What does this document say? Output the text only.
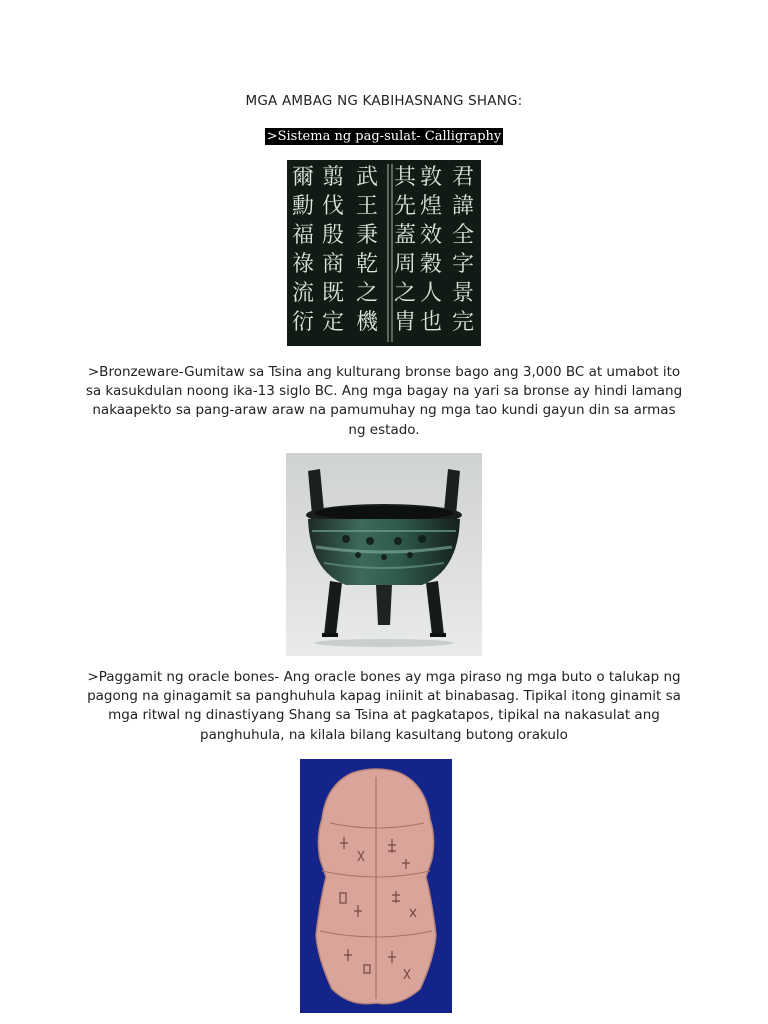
MGA AMBAG NG KABIHASNANG SHANG:
>Sistema ng pag-sulat- Calligraphy
君
諱
全
字
景
完
敦
煌
效
穀
人
也
其
先
蓋
周
之
胄
武
王
秉
乾
之
機
翦
伐
殷
商
既
定
爾
勳
福
祿
流
衍
>Bronzeware-Gumitaw sa Tsina ang kulturang bronse bago ang 3,000 BC at umabot ito sa kasukdulan noong ika-13 siglo BC. Ang mga bagay na yari sa bronse ay hindi lamang nakaapekto sa pang-araw araw na pamumuhay ng mga tao kundi gayun din sa armas ng estado.
>Paggamit ng oracle bones- Ang oracle bones ay mga piraso ng mga buto o talukap ng pagong na ginagamit sa panghuhula kapag iniinit at binabasag. Tipikal itong ginamit sa mga ritwal ng dinastiyang Shang sa Tsina at pagkatapos, tipikal na nakasulat ang panghuhula, na kilala bilang kasultang butong orakulo
